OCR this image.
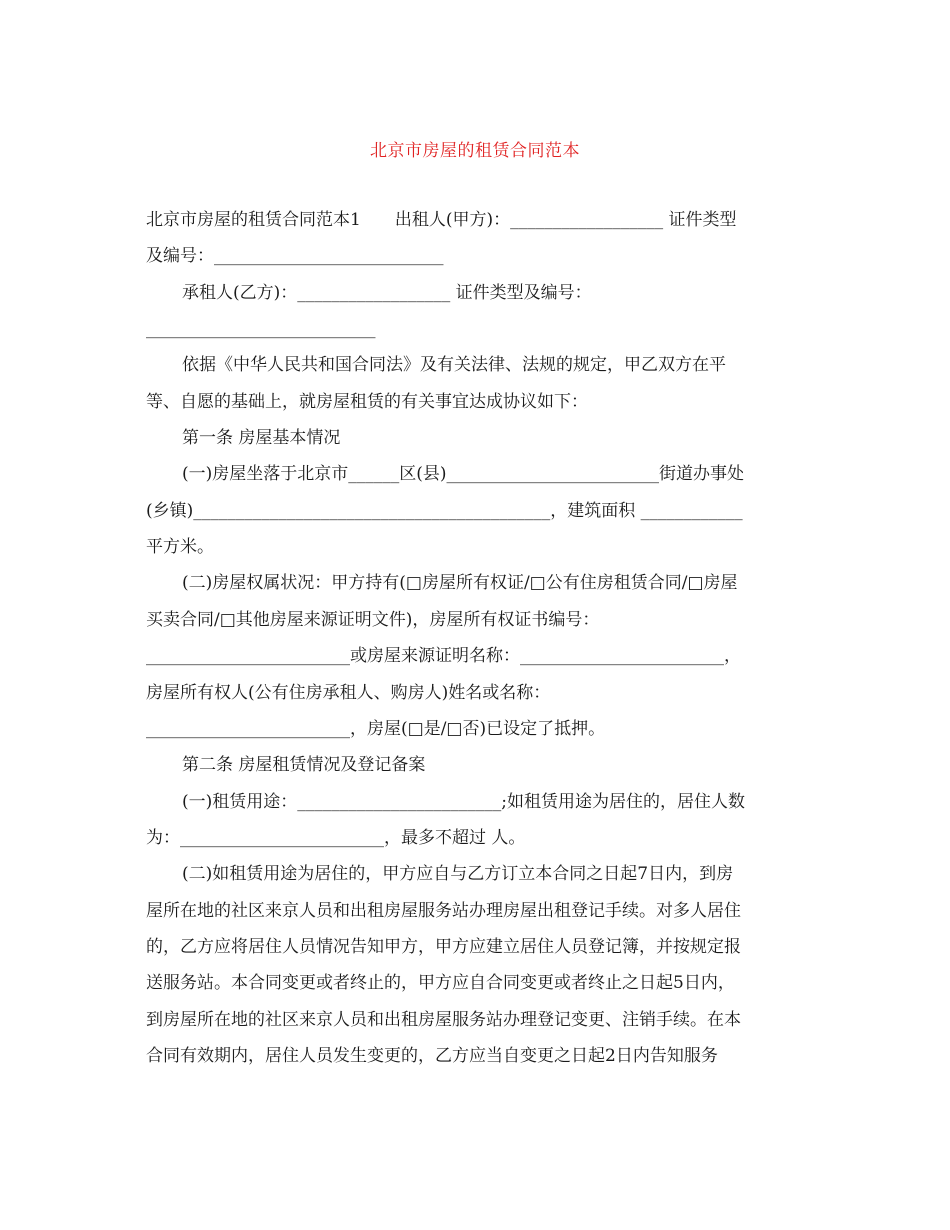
北京市房屋的租赁合同范本
北京市房屋的租赁合同范本1　　出租人(甲方)：__________________ 证件类型
及编号：___________________________
承租人(乙方)：__________________ 证件类型及编号：
___________________________
依据《中华人民共和国合同法》及有关法律、法规的规定，甲乙双方在平
等、自愿的基础上，就房屋租赁的有关事宜达成协议如下：
第一条 房屋基本情况
(一)房屋坐落于北京市______区(县)_________________________街道办事处
(乡镇)__________________________________________，建筑面积 ____________
平方米。
(二)房屋权属状况：甲方持有(□房屋所有权证/□公有住房租赁合同/□房屋
买卖合同/□其他房屋来源证明文件)，房屋所有权证书编号：
________________________或房屋来源证明名称：________________________，
房屋所有权人(公有住房承租人、购房人)姓名或名称：
________________________，房屋(□是/□否)已设定了抵押。
第二条 房屋租赁情况及登记备案
(一)租赁用途：________________________;如租赁用途为居住的，居住人数
为：________________________，最多不超过 人。
(二)如租赁用途为居住的，甲方应自与乙方订立本合同之日起7日内，到房
屋所在地的社区来京人员和出租房屋服务站办理房屋出租登记手续。对多人居住
的，乙方应将居住人员情况告知甲方，甲方应建立居住人员登记簿，并按规定报
送服务站。本合同变更或者终止的，甲方应自合同变更或者终止之日起5日内，
到房屋所在地的社区来京人员和出租房屋服务站办理登记变更、注销手续。在本
合同有效期内，居住人员发生变更的，乙方应当自变更之日起2日内告知服务
